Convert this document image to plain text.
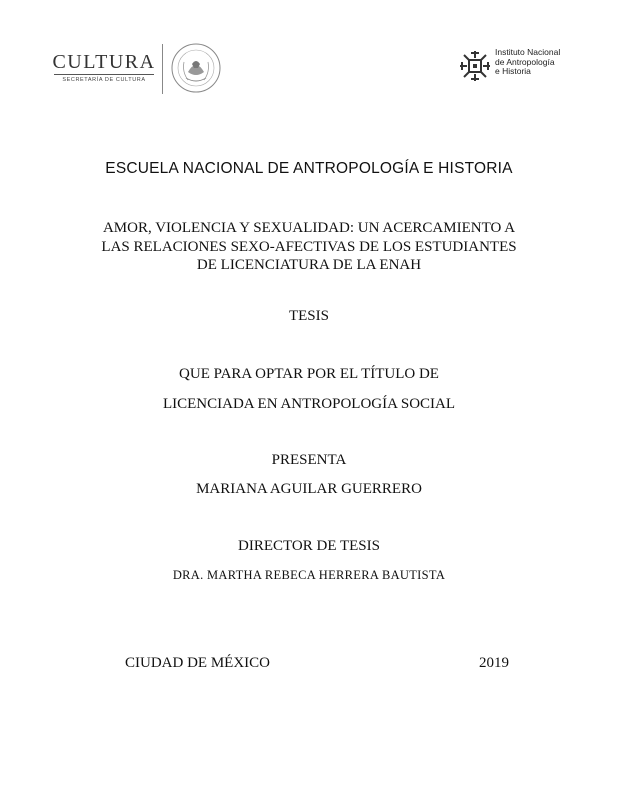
CULTURA
SECRETARÍA DE CULTURA
Instituto Nacional
de Antropología
e Historia
ESCUELA NACIONAL DE ANTROPOLOGÍA E HISTORIA
AMOR, VIOLENCIA Y SEXUALIDAD: UN ACERCAMIENTO A
LAS RELACIONES SEXO-AFECTIVAS DE LOS ESTUDIANTES
DE LICENCIATURA DE LA ENAH
TESIS
QUE PARA OPTAR POR EL TÍTULO DE
LICENCIADA EN ANTROPOLOGÍA SOCIAL
PRESENTA
MARIANA AGUILAR GUERRERO
DIRECTOR DE TESIS
DRA. MARTHA REBECA HERRERA BAUTISTA
CIUDAD DE MÉXICO	2019
